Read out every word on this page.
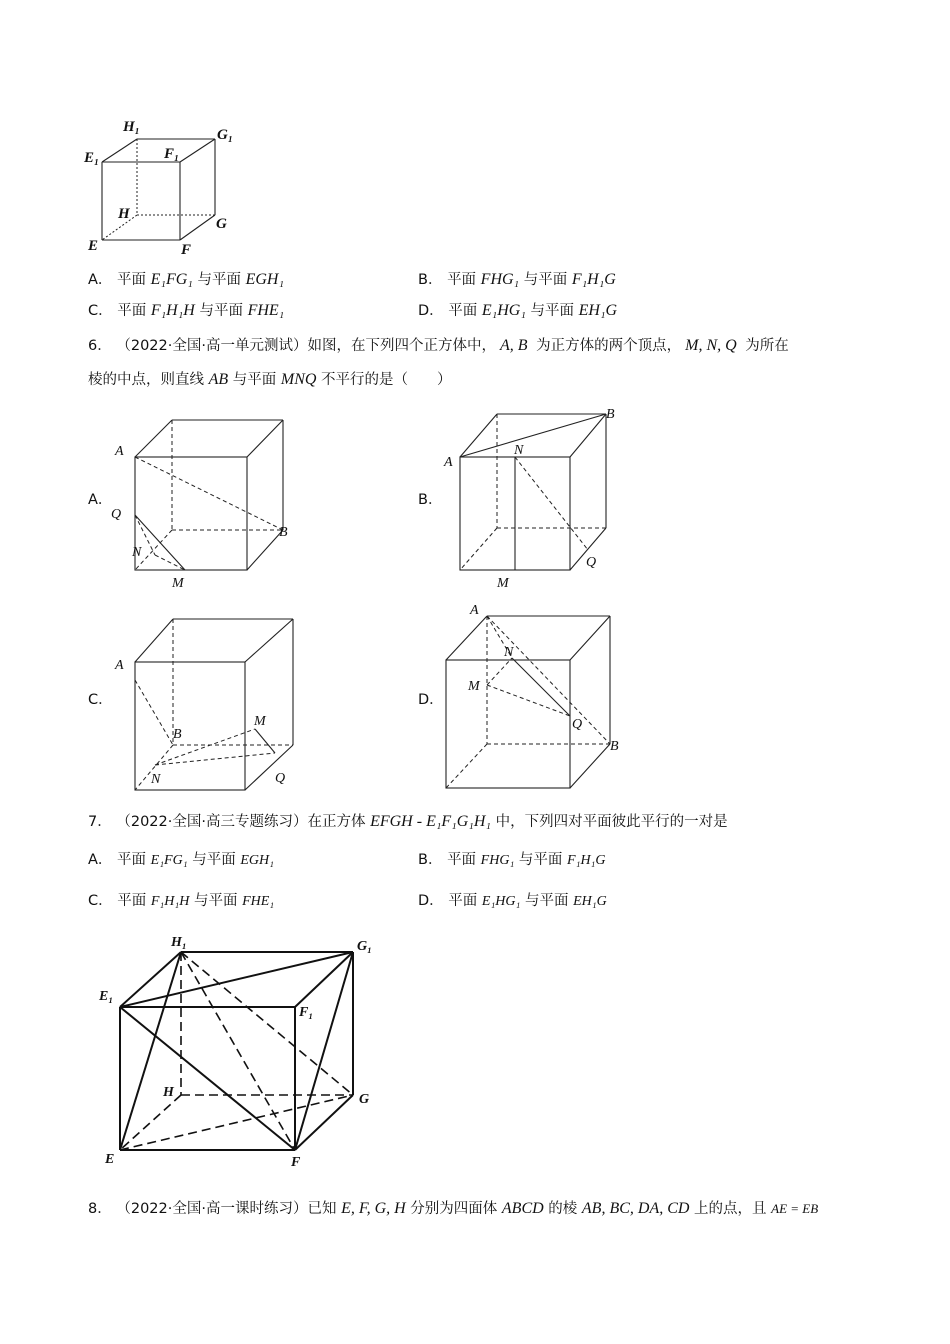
H₁	G₁
E₁	F₁
H
G
E	F
A． 平面 E₁FG₁ 与平面 EGH₁	B． 平面 FHG₁ 与平面 F₁H₁G
C． 平面 F₁H₁H 与平面 FHE₁	D． 平面 E₁HG₁ 与平面 EH₁G
6． （2022·全国·高一单元测试）如图，在下列四个正方体中， A, B 为正方体的两个顶点， M, N, Q 为所在
棱的中点，则直线 AB 与平面 MNQ 不平行的是（　　）
A．
A
B
Q
N
M
B．
A
B
N
Q
M
C．
A
B
M
N	Q
D．
A
N
M
Q
B
7． （2022·全国·高三专题练习）在正方体 EFGH - E₁F₁G₁H₁ 中，下列四对平面彼此平行的一对是
A． 平面 E₁FG₁ 与平面 EGH₁	B． 平面 FHG₁ 与平面 F₁H₁G
C． 平面 F₁H₁H 与平面 FHE₁	D． 平面 E₁HG₁ 与平面 EH₁G
H₁	G₁
E₁
F₁
H	G
E	F
8． （2022·全国·高一课时练习）已知 E, F, G, H 分别为四面体 ABCD 的棱 AB, BC, DA, CD 上的点，且 AE = EB
